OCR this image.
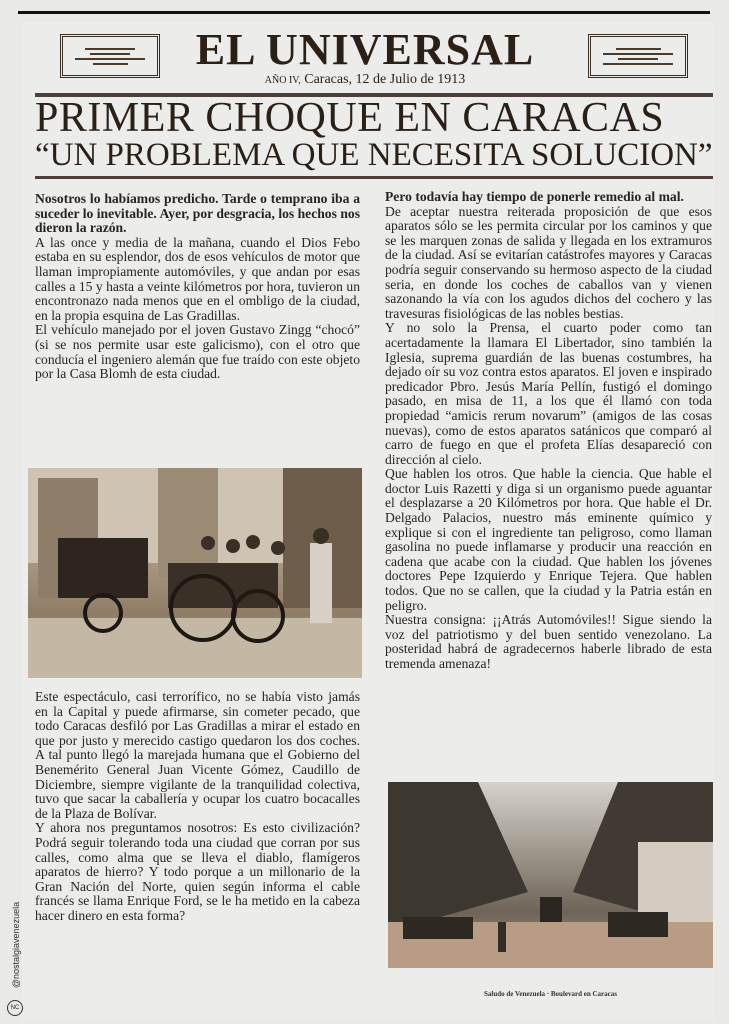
EL UNIVERSAL
AÑO IV, Caracas, 12 de Julio de 1913
PRIMER CHOQUE EN CARACAS
“UN PROBLEMA QUE NECESITA SOLUCION”

Nosotros lo habíamos predicho. Tarde o temprano iba a suceder lo inevitable. Ayer, por desgracia, los hechos nos dieron la razón.

A las once y media de la mañana, cuando el Dios Febo estaba en su esplendor, dos de esos vehículos de motor que llaman impropiamente automóviles, y que andan por esas calles a 15 y hasta a veinte kilómetros por hora, tuvieron un encontronazo nada menos que en el ombligo de la ciudad, en la propia esquina de Las Gradillas.

El vehículo manejado por el joven Gustavo Zingg “chocó” (si se nos permite usar este galicismo), con el otro que conducía el ingeniero alemán que fue traído con este objeto por la Casa Blomh de esta ciudad.

Este espectáculo, casi terrorífico, no se había visto jamás en la Capital y puede afirmarse, sin cometer pecado, que todo Caracas desfiló por Las Gradillas a mirar el estado en que por justo y merecido castigo quedaron los dos coches. A tal punto llegó la marejada humana que el Gobierno del Benemérito General Juan Vicente Gómez, Caudillo de Diciembre, siempre vigilante de la tranquilidad colectiva, tuvo que sacar la caballería y ocupar los cuatro bocacalles de la Plaza de Bolívar.

Y ahora nos preguntamos nosotros: Es esto civilización? Podrá seguir tolerando toda una ciudad que corran por sus calles, como alma que se lleva el diablo, flamígeros aparatos de hierro? Y todo porque a un millonario de la Gran Nación del Norte, quien según informa el cable francés se llama Enrique Ford, se le ha metido en la cabeza hacer dinero en esta forma?

Pero todavía hay tiempo de ponerle remedio al mal.

De aceptar nuestra reiterada proposición de que esos aparatos sólo se les permita circular por los caminos y que se les marquen zonas de salida y llegada en los extramuros de la ciudad. Así se evitarían catástrofes mayores y Caracas podría seguir conservando su hermoso aspecto de la ciudad seria, en donde los coches de caballos van y vienen sazonando la vía con los agudos dichos del cochero y las travesuras fisiológicas de las nobles bestias.

Y no solo la Prensa, el cuarto poder como tan acertadamente la llamara El Libertador, sino también la Iglesia, suprema guardián de las buenas costumbres, ha dejado oír su voz contra estos aparatos. El joven e inspirado predicador Pbro. Jesús María Pellín, fustigó el domingo pasado, en misa de 11, a los que él llamó con toda propiedad “amicis rerum novarum” (amigos de las cosas nuevas), como de estos aparatos satánicos que comparó al carro de fuego en que el profeta Elías desapareció con dirección al cielo.

Que hablen los otros. Que hable la ciencia. Que hable el doctor Luis Razetti y diga si un organismo puede aguantar el desplazarse a 20 Kilómetros por hora. Que hable el Dr. Delgado Palacios, nuestro más eminente químico y explique si con el ingrediente tan peligroso, como llaman gasolina no puede inflamarse y producir una reacción en cadena que acabe con la ciudad. Que hablen los jóvenes doctores Pepe Izquierdo y Enrique Tejera. Que hablen todos. Que no se callen, que la ciudad y la Patria están en peligro.

Nuestra consigna: ¡¡Atrás Automóviles!! Sigue siendo la voz del patriotismo y del buen sentido venezolano. La posteridad habrá de agradecernos haberle librado de esta tremenda amenaza!

Saludo de Venezuela · Boulevard en Caracas
@nostalgiavenezuela
NC
